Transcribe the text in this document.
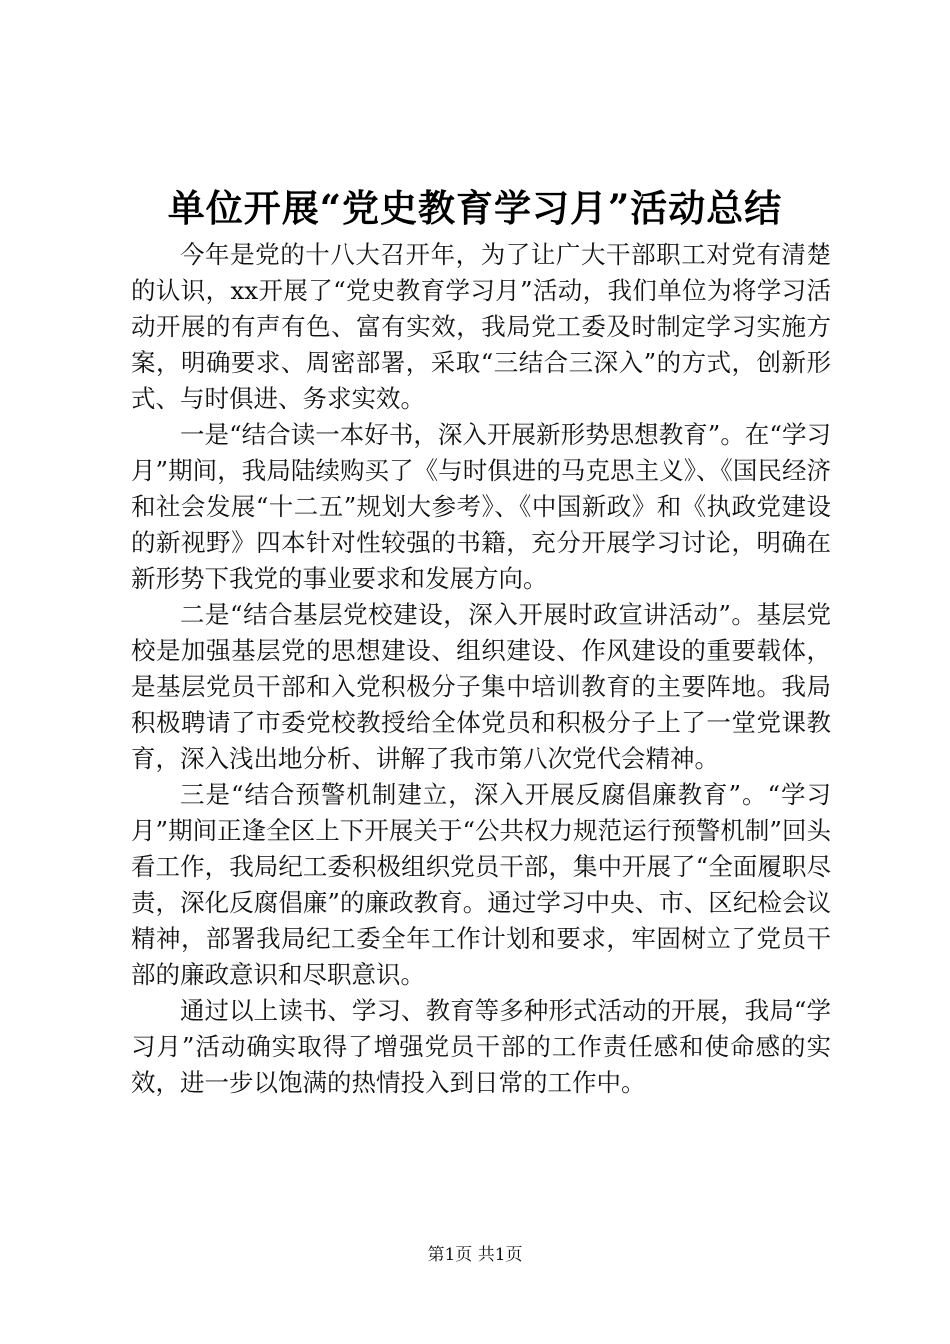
单位开展“党史教育学习月”活动总结

今年是党的十八大召开年，为了让广大干部职工对党有清楚的认识，xx开展了“党史教育学习月”活动，我们单位为将学习活动开展的有声有色、富有实效，我局党工委及时制定学习实施方案，明确要求、周密部署，采取“三结合三深入”的方式，创新形式、与时俱进、务求实效。

一是“结合读一本好书，深入开展新形势思想教育”。在“学习月”期间，我局陆续购买了《与时俱进的马克思主义》、《国民经济和社会发展“十二五”规划大参考》、《中国新政》和《执政党建设的新视野》四本针对性较强的书籍，充分开展学习讨论，明确在新形势下我党的事业要求和发展方向。

二是“结合基层党校建设，深入开展时政宣讲活动”。基层党校是加强基层党的思想建设、组织建设、作风建设的重要载体，是基层党员干部和入党积极分子集中培训教育的主要阵地。我局积极聘请了市委党校教授给全体党员和积极分子上了一堂党课教育，深入浅出地分析、讲解了我市第八次党代会精神。

三是“结合预警机制建立，深入开展反腐倡廉教育”。“学习月”期间正逢全区上下开展关于“公共权力规范运行预警机制”回头看工作，我局纪工委积极组织党员干部，集中开展了“全面履职尽责，深化反腐倡廉”的廉政教育。通过学习中央、市、区纪检会议精神，部署我局纪工委全年工作计划和要求，牢固树立了党员干部的廉政意识和尽职意识。

通过以上读书、学习、教育等多种形式活动的开展，我局“学习月”活动确实取得了增强党员干部的工作责任感和使命感的实效，进一步以饱满的热情投入到日常的工作中。

第1页 共1页
